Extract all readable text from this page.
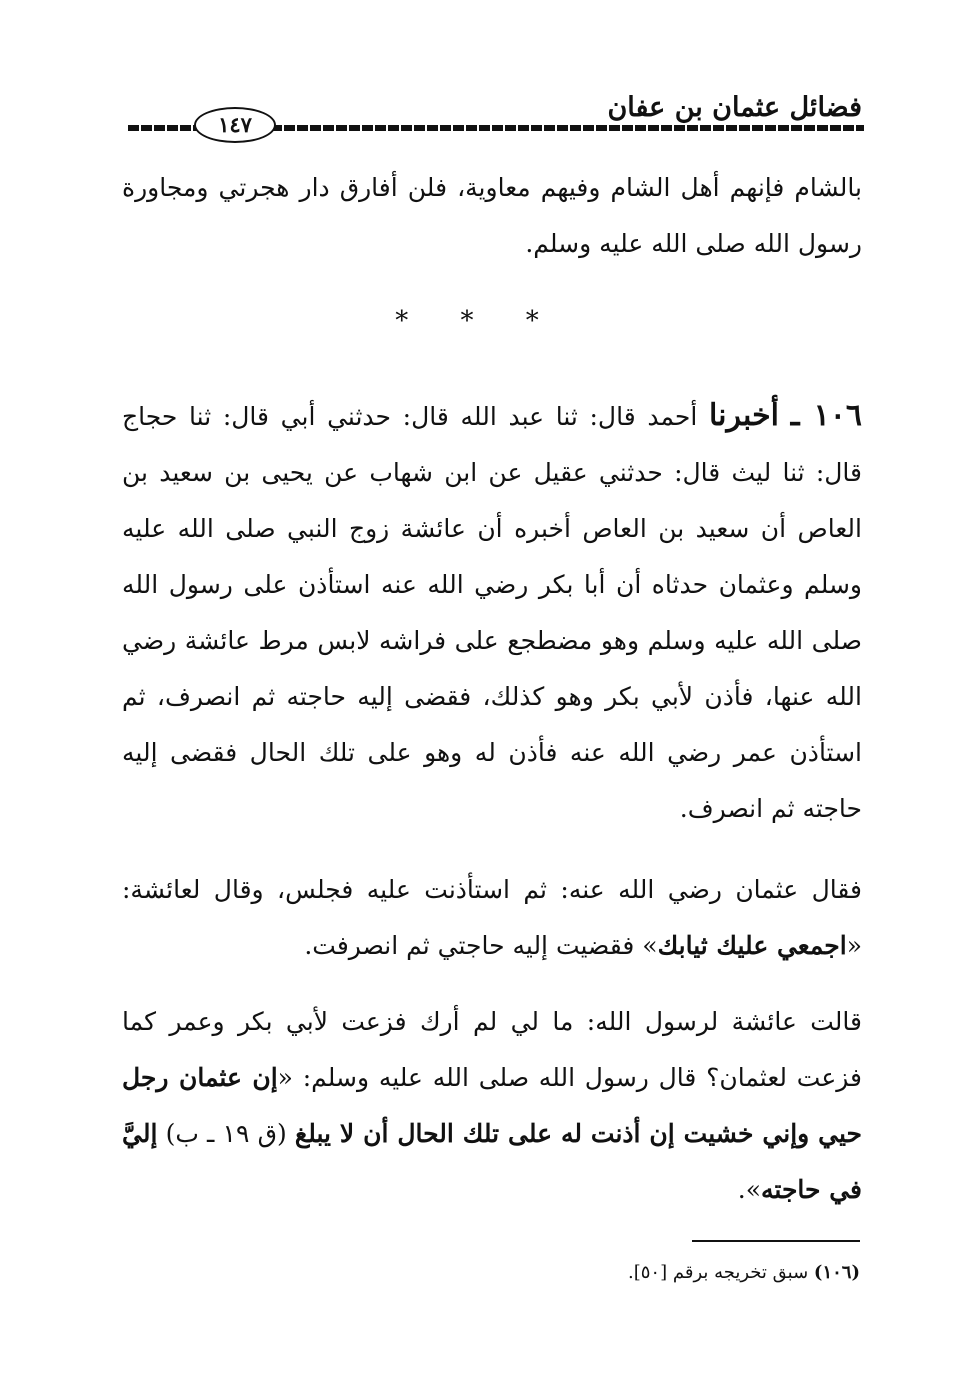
فضائل عثمان بن عفان
١٤٧

بالشام فإنهم أهل الشام وفيهم معاوية، فلن أفارق دار هجرتي ومجاورة رسول الله صلى الله عليه وسلم.

* * *

١٠٦ ـ أخبرنا أحمد قال: ثنا عبد الله قال: حدثني أبي قال: ثنا حجاج قال: ثنا ليث قال: حدثني عقيل عن ابن شهاب عن يحيى بن سعيد بن العاص أن سعيد بن العاص أخبره أن عائشة زوج النبي صلى الله عليه وسلم وعثمان حدثاه أن أبا بكر رضي الله عنه استأذن على رسول الله صلى الله عليه وسلم وهو مضطجع على فراشه لابس مرط عائشة رضي الله عنها، فأذن لأبي بكر وهو كذلك، فقضى إليه حاجته ثم انصرف، ثم استأذن عمر رضي الله عنه فأذن له وهو على تلك الحال فقضى إليه حاجته ثم انصرف.

فقال عثمان رضي الله عنه: ثم استأذنت عليه فجلس، وقال لعائشة: «اجمعي عليك ثيابك» فقضيت إليه حاجتي ثم انصرفت.

قالت عائشة لرسول الله: ما لي لم أرك فزعت لأبي بكر وعمر كما فزعت لعثمان؟ قال رسول الله صلى الله عليه وسلم: «إن عثمان رجل حيي وإني خشيت إن أذنت له على تلك الحال أن لا يبلغ (ق ١٩ ـ ب) إليَّ في حاجته».

(١٠٦) سبق تخريجه برقم [٥٠].
